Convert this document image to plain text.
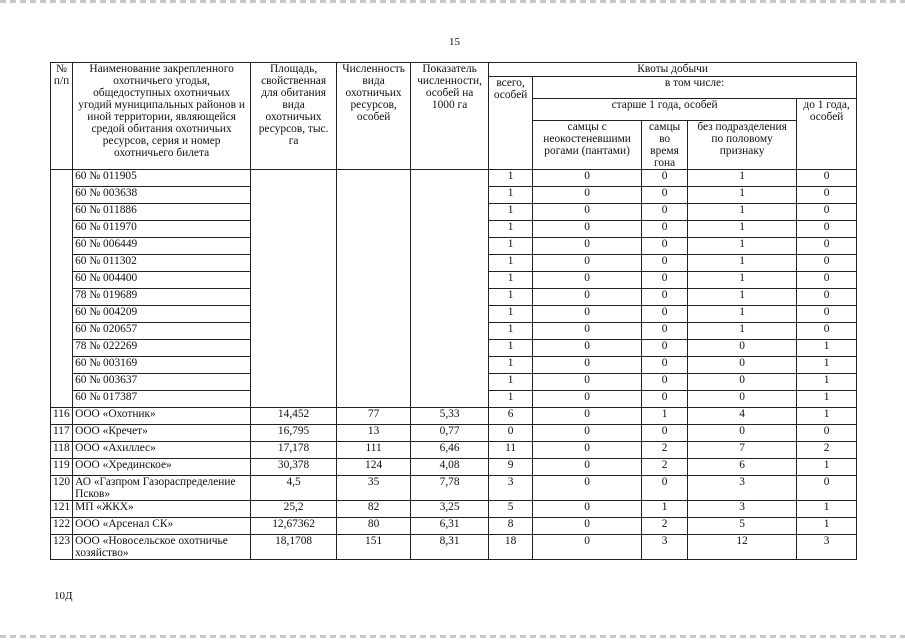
15
№ п/п	Наименование закрепленного охотничьего угодья, общедоступных охотничьих угодий муниципальных районов и иной территории, являющейся средой обитания охотничьих ресурсов, серия и номер охотничьего билета	Площадь, свойственная для обитания вида охотничьих ресурсов, тыс. га	Численность вида охотничьих ресурсов, особей	Показатель численности, особей на 1000 га	Квоты добычи				
					всего, особей	в том числе:			
						старше 1 года, особей			до 1 года, особей
						самцы с неокостеневшими рогами (пантами)	самцы во время гона	без подразделения по половому признаку	
	60 № 011905				1	0	0	1	0
	60 № 003638				1	0	0	1	0
	60 № 011886				1	0	0	1	0
	60 № 011970				1	0	0	1	0
	60 № 006449				1	0	0	1	0
	60 № 011302				1	0	0	1	0
	60 № 004400				1	0	0	1	0
	78 № 019689				1	0	0	1	0
	60 № 004209				1	0	0	1	0
	60 № 020657				1	0	0	1	0
	78 № 022269				1	0	0	0	1
	60 № 003169				1	0	0	0	1
	60 № 003637				1	0	0	0	1
	60 № 017387				1	0	0	0	1
116	ООО «Охотник»	14,452	77	5,33	6	0	1	4	1
117	ООО «Кречет»	16,795	13	0,77	0	0	0	0	0
118	ООО «Ахиллес»	17,178	111	6,46	11	0	2	7	2
119	ООО «Хрединское»	30,378	124	4,08	9	0	2	6	1
120	АО «Газпром Газораспределение Псков»	4,5	35	7,78	3	0	0	3	0
121	МП «ЖКХ»	25,2	82	3,25	5	0	1	3	1
122	ООО «Арсенал СК»	12,67362	80	6,31	8	0	2	5	1
123	ООО «Новосельское охотничье хозяйство»	18,1708	151	8,31	18	0	3	12	3
10Д
